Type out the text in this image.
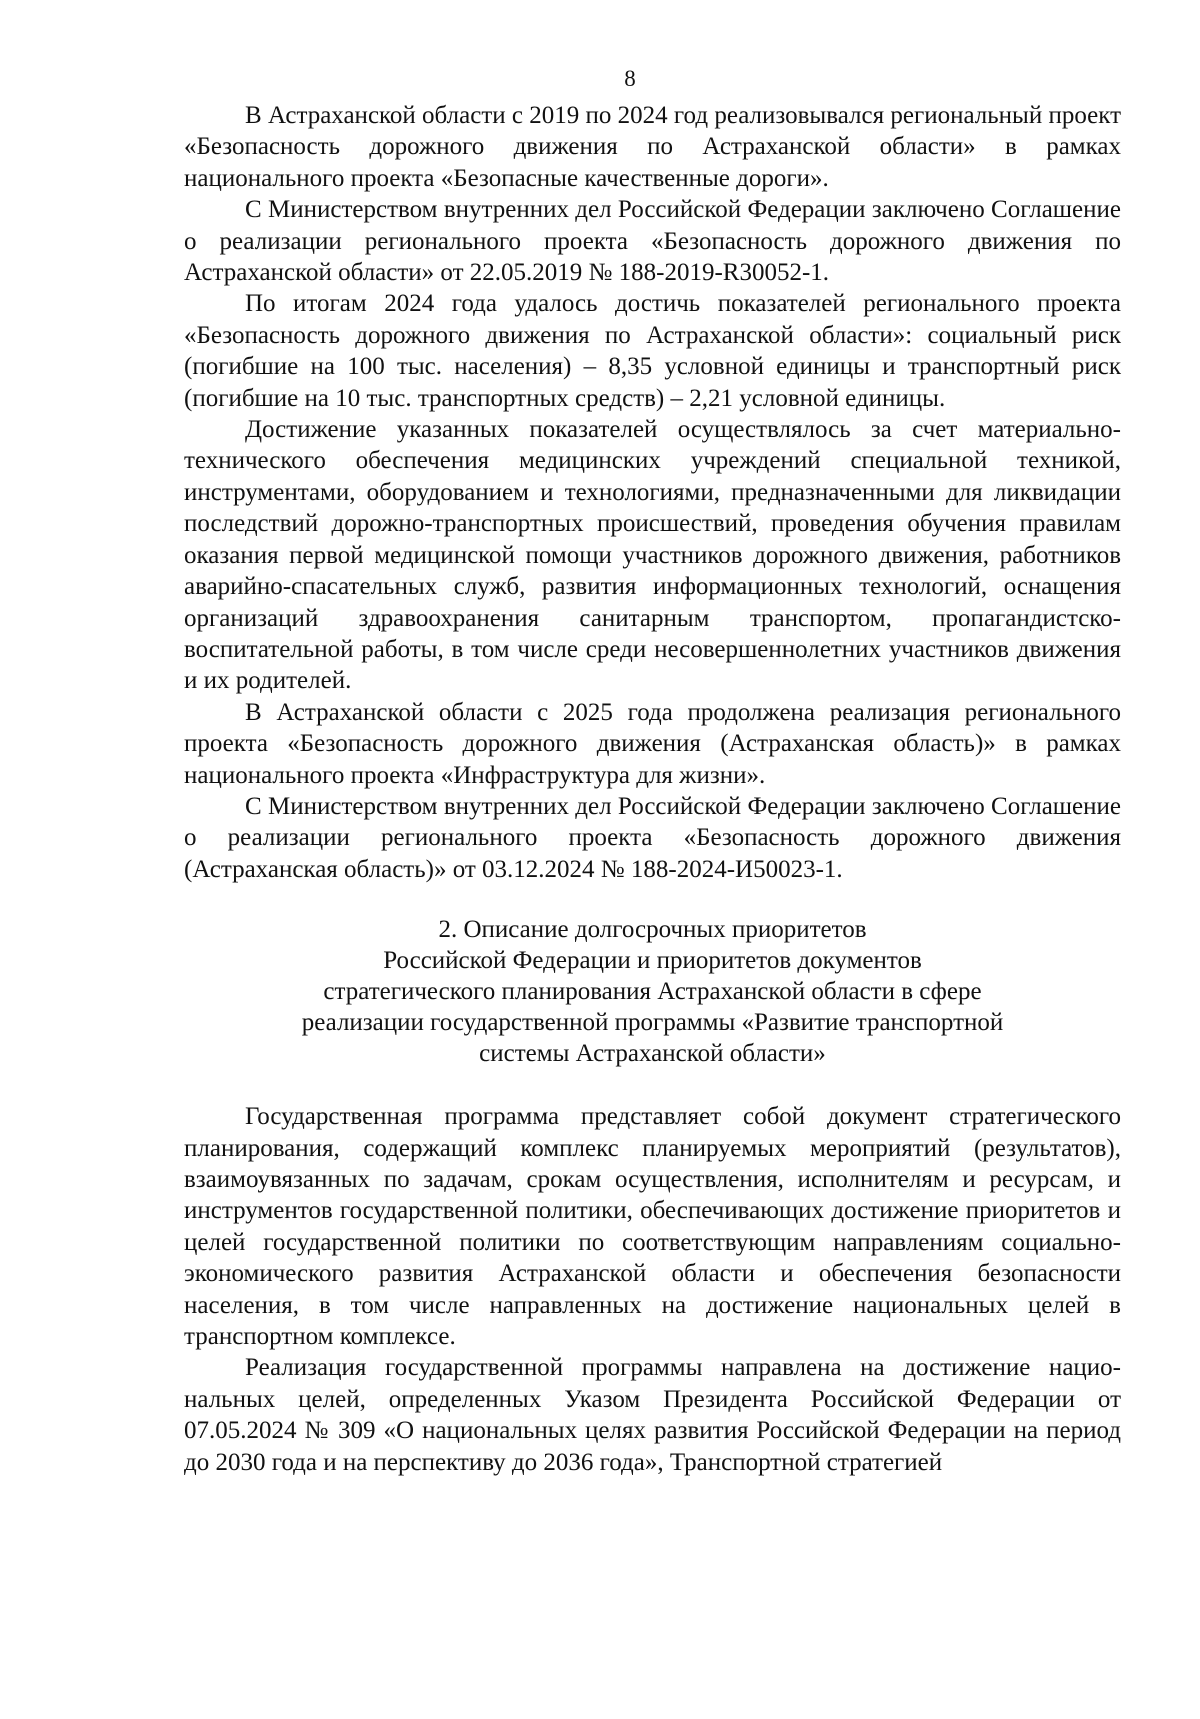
8

В Астраханской области с 2019 по 2024 год реализовывался региональный проект «Безопасность дорожного движения по Астраханской области» в рамках национального проекта «Безопасные качественные дороги».

С Министерством внутренних дел Российской Федерации заключено Соглашение о реализации регионального проекта «Безопасность дорожного движения по Астраханской области» от 22.05.2019 № 188-2019-R30052-1.

По итогам 2024 года удалось достичь показателей регионального проекта «Безопасность дорожного движения по Астраханской области»: социальный риск (погибшие на 100 тыс. населения) – 8,35 условной единицы и транспортный риск (погибшие на 10 тыс. транспортных средств) – 2,21 условной единицы.

Достижение указанных показателей осуществлялось за счет материально-технического обеспечения медицинских учреждений специальной техникой, инструментами, оборудованием и технологиями, предназначенными для ликвидации последствий дорожно-транспортных происшествий, проведения обучения правилам оказания первой медицинской помощи участников дорожного движения, работников аварийно-спасательных служб, развития информационных технологий, оснащения организаций здравоохранения санитарным транспортом, пропагандистско-воспитательной работы, в том числе среди несовершеннолетних участников движения и их родителей.

В Астраханской области с 2025 года продолжена реализация регионального проекта «Безопасность дорожного движения (Астраханская область)» в рамках национального проекта «Инфраструктура для жизни».

С Министерством внутренних дел Российской Федерации заключено Соглашение о реализации регионального проекта «Безопасность дорожного движения (Астраханская область)» от 03.12.2024 № 188-2024-И50023-1.

2. Описание долгосрочных приоритетов
Российской Федерации и приоритетов документов
стратегического планирования Астраханской области в сфере
реализации государственной программы «Развитие транспортной
системы Астраханской области»

Государственная программа представляет собой документ стратегического планирования, содержащий комплекс планируемых мероприятий (результатов), взаимоувязанных по задачам, срокам осуществления, исполнителям и ресурсам, и инструментов государственной политики, обеспечивающих достижение приоритетов и целей государственной политики по соответствующим направлениям социально-экономического развития Астраханской области и обеспечения безопасности населения, в том числе направленных на достижение национальных целей в транспортном комплексе.

Реализация государственной программы направлена на достижение национальных целей, определенных Указом Президента Российской Федерации от 07.05.2024 № 309 «О национальных целях развития Российской Федерации на период до 2030 года и на перспективу до 2036 года», Транспортной стратегией
